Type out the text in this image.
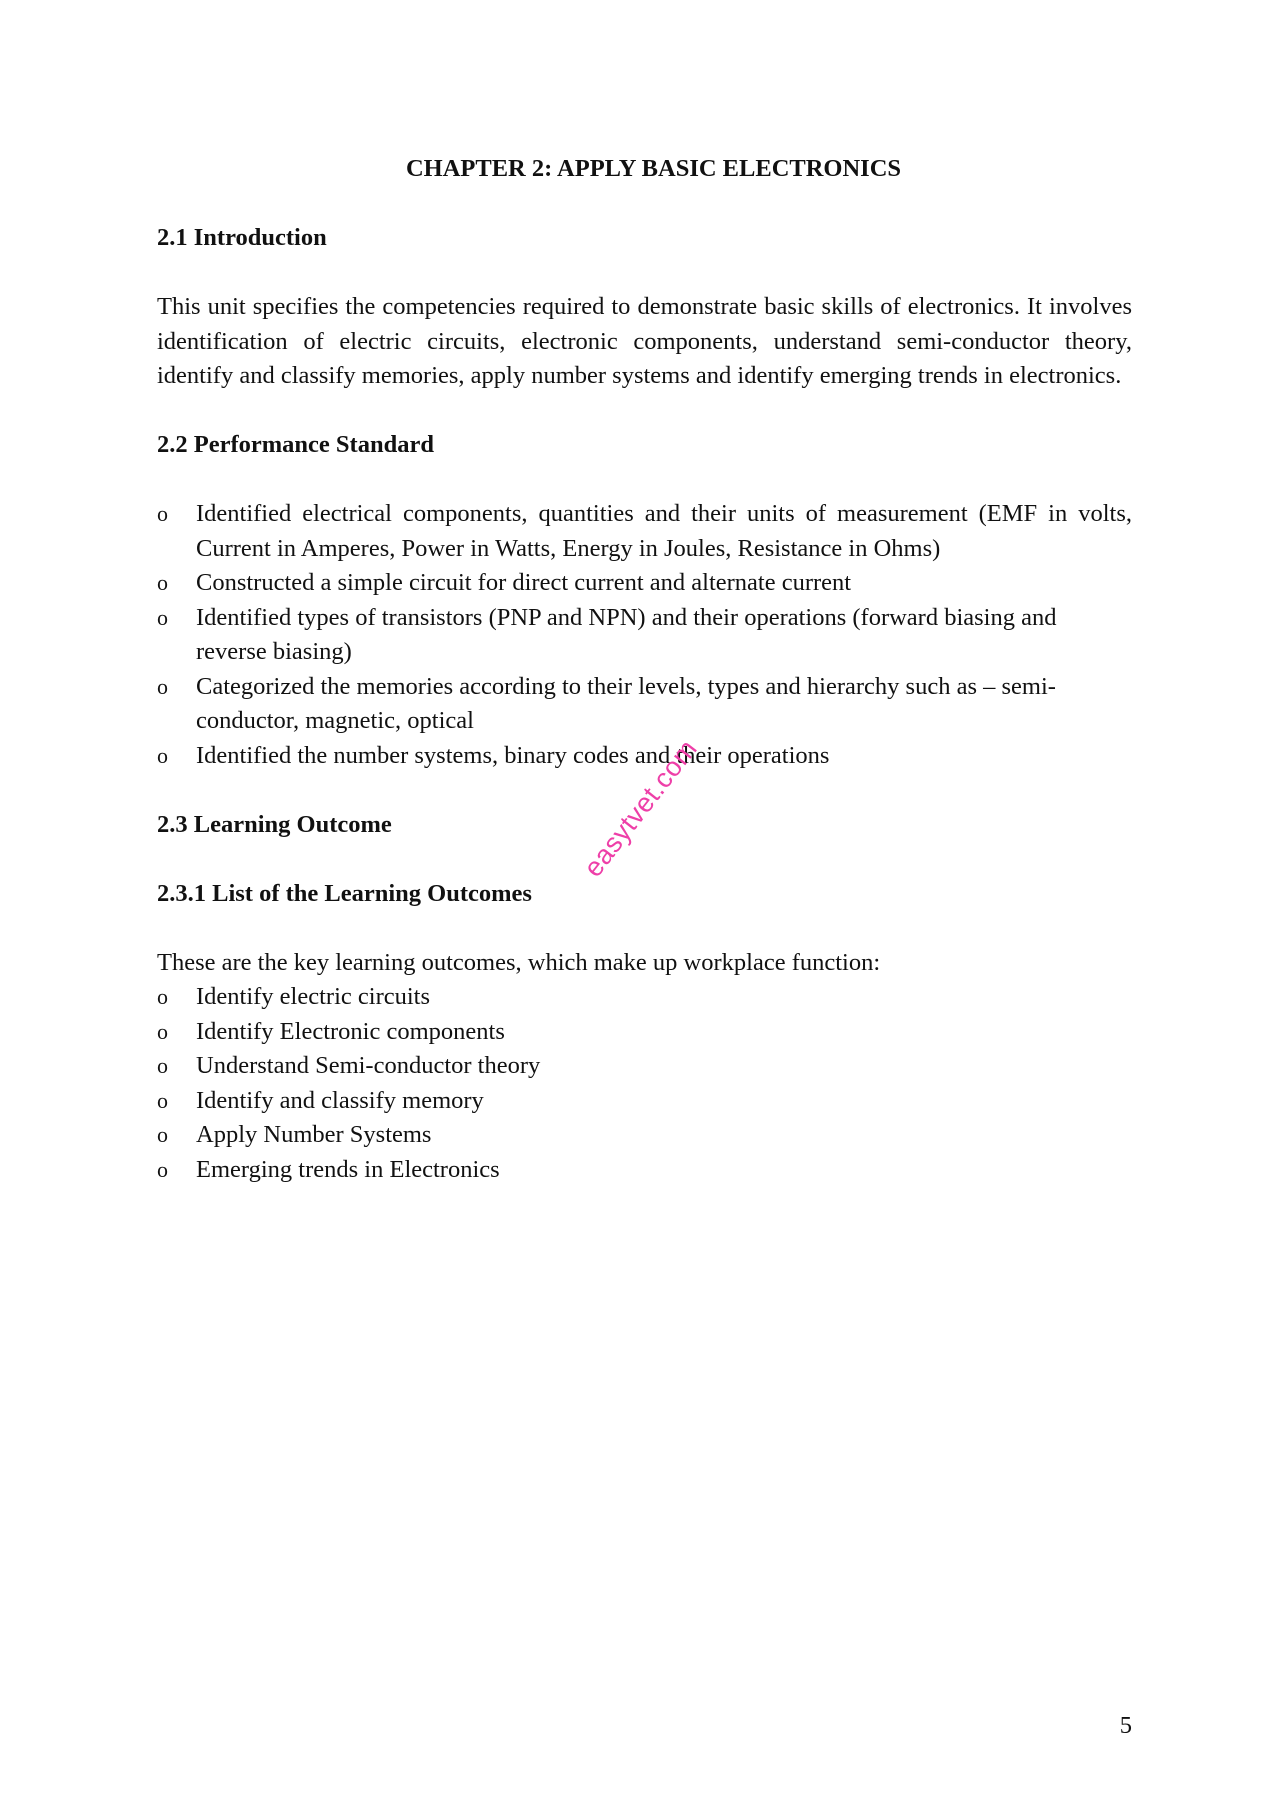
CHAPTER 2: APPLY BASIC ELECTRONICS
2.1 Introduction

This unit specifies the competencies required to demonstrate basic skills of electronics. It involves identification of electric circuits, electronic components, understand semi-conductor theory, identify and classify memories, apply number systems and identify emerging trends in electronics.

2.2 Performance Standard
o Identified electrical components, quantities and their units of measurement (EMF in volts, Current in Amperes, Power in Watts, Energy in Joules, Resistance in Ohms)
o Constructed a simple circuit for direct current and alternate current
o Identified types of transistors (PNP and NPN) and their operations (forward biasing and reverse biasing)
o Categorized the memories according to their levels, types and hierarchy such as – semi-conductor, magnetic, optical
o Identified the number systems, binary codes and their operations
2.3 Learning Outcome
2.3.1 List of the Learning Outcomes

These are the key learning outcomes, which make up workplace function:

o Identify electric circuits
o Identify Electronic components
o Understand Semi-conductor theory
o Identify and classify memory
o Apply Number Systems
o Emerging trends in Electronics
easytvet.com
5
